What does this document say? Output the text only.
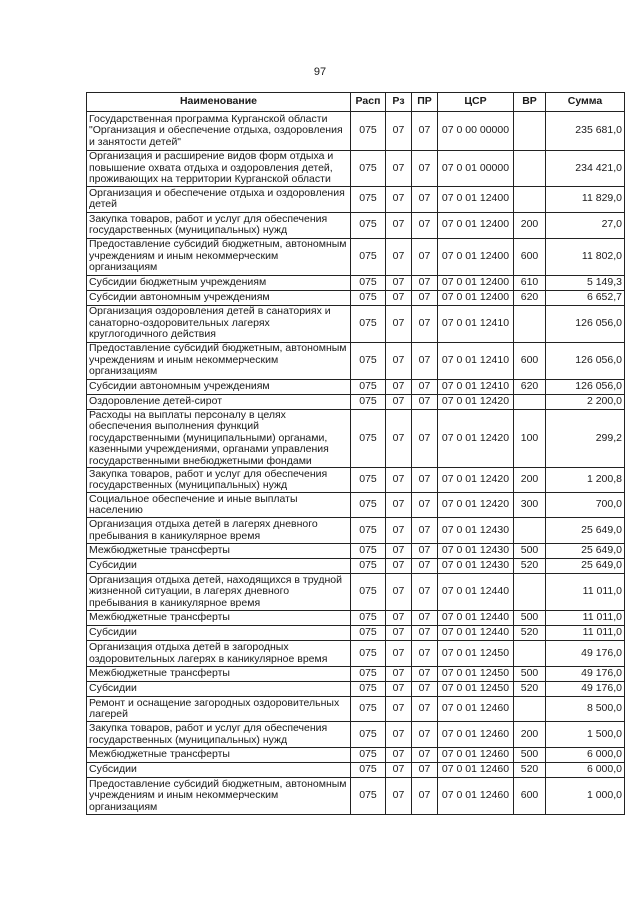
97
Наименование	Расп	Рз	ПР	ЦСР	ВР	Сумма
Государственная программа Курганской области "Организация и обеспечение отдыха, оздоровления и занятости детей"	075	07	07	07 0 00 00000		235 681,0
Организация и расширение видов форм отдыха и повышение охвата отдыха и оздоровления детей, проживающих на территории Курганской области	075	07	07	07 0 01 00000		234 421,0
Организация и обеспечение отдыха и оздоровления детей	075	07	07	07 0 01 12400		11 829,0
Закупка товаров, работ и услуг для обеспечения государственных (муниципальных) нужд	075	07	07	07 0 01 12400	200	27,0
Предоставление субсидий бюджетным, автономным учреждениям и иным некоммерческим организациям	075	07	07	07 0 01 12400	600	11 802,0
Субсидии бюджетным учреждениям	075	07	07	07 0 01 12400	610	5 149,3
Субсидии автономным учреждениям	075	07	07	07 0 01 12400	620	6 652,7
Организация оздоровления детей в санаториях и санаторно-оздоровительных лагерях круглогодичного действия	075	07	07	07 0 01 12410		126 056,0
Предоставление субсидий бюджетным, автономным учреждениям и иным некоммерческим организациям	075	07	07	07 0 01 12410	600	126 056,0
Субсидии автономным учреждениям	075	07	07	07 0 01 12410	620	126 056,0
Оздоровление детей-сирот	075	07	07	07 0 01 12420		2 200,0
Расходы на выплаты персоналу в целях обеспечения выполнения функций государственными (муниципальными) органами, казенными учреждениями, органами управления государственными внебюджетными фондами	075	07	07	07 0 01 12420	100	299,2
Закупка товаров, работ и услуг для обеспечения государственных (муниципальных) нужд	075	07	07	07 0 01 12420	200	1 200,8
Социальное обеспечение и иные выплаты населению	075	07	07	07 0 01 12420	300	700,0
Организация отдыха детей в лагерях дневного пребывания в каникулярное время	075	07	07	07 0 01 12430		25 649,0
Межбюджетные трансферты	075	07	07	07 0 01 12430	500	25 649,0
Субсидии	075	07	07	07 0 01 12430	520	25 649,0
Организация отдыха детей, находящихся в трудной жизненной ситуации, в лагерях дневного пребывания в каникулярное время	075	07	07	07 0 01 12440		11 011,0
Межбюджетные трансферты	075	07	07	07 0 01 12440	500	11 011,0
Субсидии	075	07	07	07 0 01 12440	520	11 011,0
Организация отдыха детей в загородных оздоровительных лагерях в каникулярное время	075	07	07	07 0 01 12450		49 176,0
Межбюджетные трансферты	075	07	07	07 0 01 12450	500	49 176,0
Субсидии	075	07	07	07 0 01 12450	520	49 176,0
Ремонт и оснащение загородных оздоровительных лагерей	075	07	07	07 0 01 12460		8 500,0
Закупка товаров, работ и услуг для обеспечения государственных (муниципальных) нужд	075	07	07	07 0 01 12460	200	1 500,0
Межбюджетные трансферты	075	07	07	07 0 01 12460	500	6 000,0
Субсидии	075	07	07	07 0 01 12460	520	6 000,0
Предоставление субсидий бюджетным, автономным учреждениям и иным некоммерческим организациям	075	07	07	07 0 01 12460	600	1 000,0
